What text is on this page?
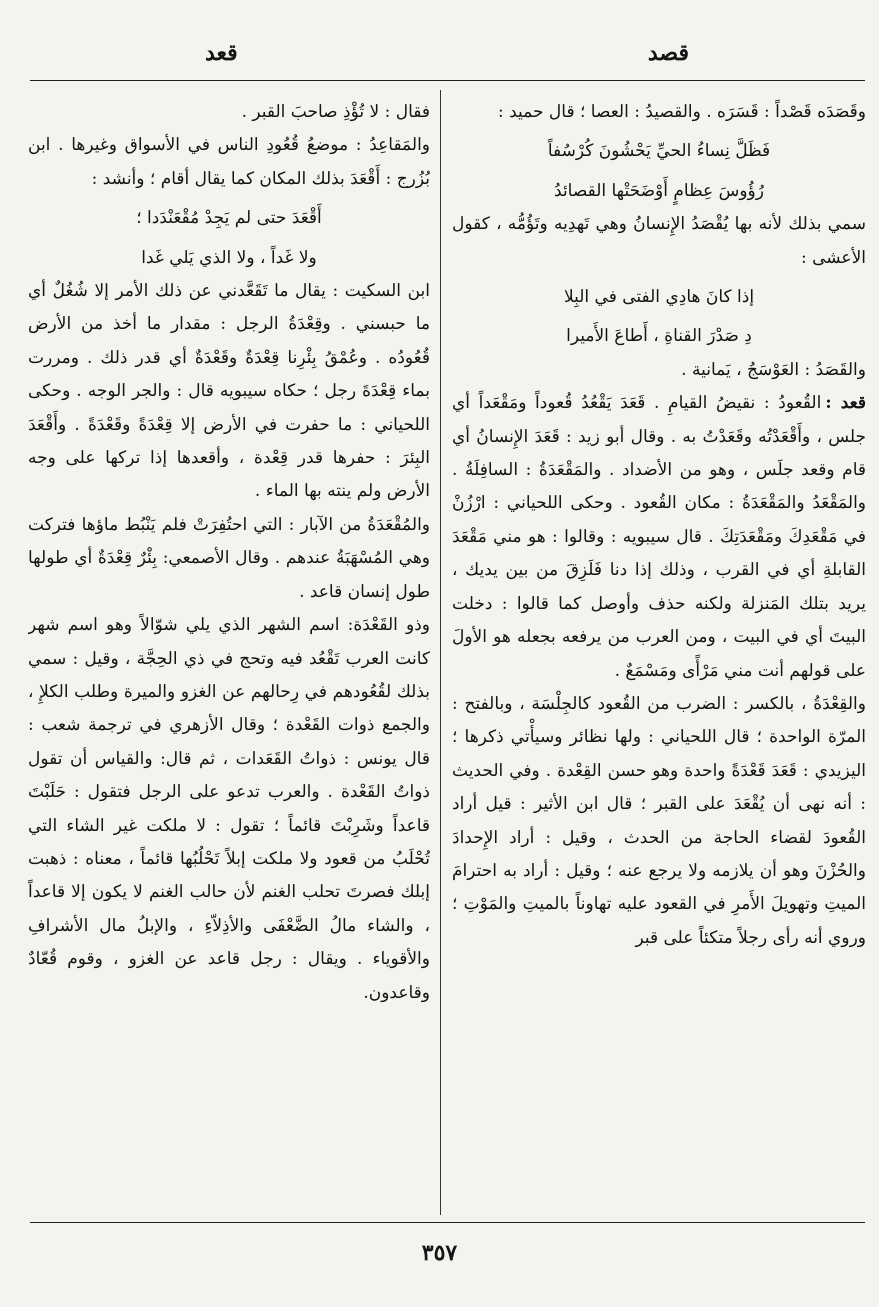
قصد
قعد

وقَصَدَه قَصْداً : قَسَرَه . والقصيدُ : العصا ؛ قال حميد :

فَظَلَّ نِساءُ الحيِّ يَحْشُونَ كُرْسُفاً

رُؤُوسَ عِظامٍ أَوْضَحَتْها القصائدُ

سمي بذلك لأنه بها يُقْصَدُ الإِنسانُ وهي تَهدِيه وتَؤُمُّه ، كقول الأعشى :

إذا كانَ هادِي الفتى في البِلا

دِ صَدْرَ القناةِ ، أَطاعَ الأَميرا

والقَصَدُ : العَوْسَجُ ، يَمانية .

قعد :القُعودُ : نقيضُ القيامِ . قَعَدَ يَقْعُدُ قُعوداً ومَقْعَداً أي جلس ، وأَقْعَدْتُه وقَعَدْتُ به . وقال أبو زيد : قَعَدَ الإِنسانُ أي قام وقعد جلَس ، وهو من الأضداد . والمَقْعَدَةُ : السافِلَةُ . والمَقْعَدُ والمَقْعَدَةُ : مكان القُعود . وحكى اللحياني : ارْزُنْ في مَقْعَدِكَ ومَقْعَدَتِكَ . قال سيبويه : وقالوا : هو مني مَقْعَدَ القابلةِ أي في القرب ، وذلك إذا دنا فَلَزِقَ من بين يديك ، يريد بتلك المَنزلة ولكنه حذف وأوصل كما قالوا : دخلت البيتَ أي في البيت ، ومن العرب من يرفعه بجعله هو الأولَ على قولهم أنت مني مَرْأًى ومَسْمَعٌ .

والقِعْدَةُ ، بالكسر : الضرب من القُعود كالجِلْسَة ، وبالفتح : المرّة الواحدة ؛ قال اللحياني : ولها نظائر وسيأْتي ذكرها ؛ اليزيدي : قَعَدَ قَعْدَةً واحدة وهو حسن القِعْدة . وفي الحديث : أنه نهى أن يُقْعَدَ على القبر ؛ قال ابن الأثير : قيل أراد القُعودَ لقضاء الحاجة من الحدث ، وقيل : أراد الإِحدادَ والحُزْنَ وهو أن يلازمه ولا يرجع عنه ؛ وقيل : أراد به احترامَ الميتِ وتهويلَ الأَمرِ في القعود عليه تهاوناً بالميتِ والمَوْتِ ؛ وروي أنه رأى رجلاً متكئاً على قبر

فقال : لا تُؤْذِ صاحبَ القبر .

والمَقاعِدُ : موضعُ قُعُودِ الناس في الأسواق وغيرها . ابن بُزُرج : أَقْعَدَ بذلك المكان كما يقال أقام ؛ وأنشد :

أَقْعَدَ حتى لم يَجِدْ مُقْعَنْدَدا ؛

ولا غَداً ، ولا الذي يَلي غَدا

ابن السكيت : يقال ما تَقَعَّدني عن ذلك الأمر إلا شُغُلٌ أي ما حبسني . وقِعْدَةُ الرجل : مقدار ما أخذ من الأرض قُعُودُه . وعُمْقُ بِئْرِنا قِعْدَةٌ وقَعْدَةٌ أي قدر ذلك . ومررت بماء قِعْدَةَ رجل ؛ حكاه سيبويه قال : والجر الوجه . وحكى اللحياني : ما حفرت في الأرض إلا قِعْدَةً وقَعْدَةً . وأَقْعَدَ البِئرَ : حفرها قدر قِعْدة ، وأقعدها إذا تركها على وجه الأرض ولم ينته بها الماء .

والمُقْعَدَةُ من الآبار : التي احتُفِرَتْ فلم يَنْبُط ماؤها فتركت وهي المُسْهَبَةُ عندهم . وقال الأصمعي: بِئْرٌ قِعْدَةٌ أي طولها طول إنسان قاعد .

وذو القَعْدَة: اسم الشهر الذي يلي شوّالاً وهو اسم شهر كانت العرب تَقْعُد فيه وتحج في ذي الحِجَّة ، وقيل : سمي بذلك لقُعُودهم في رِحالهم عن الغزو والميرة وطلب الكلإِ ، والجمع ذوات القَعْدة ؛ وقال الأزهري في ترجمة شعب : قال يونس : ذواتُ القَعَدات ، ثم قال: والقياس أن تقول ذواتُ القَعْدة . والعرب تدعو على الرجل فتقول : حَلَبْتَ قاعداً وشَرِبْتَ قائماً ؛ تقول : لا ملكت غير الشاء التي تُحْلَبُ من قعود ولا ملكت إبلاً تَحْلُبُها قائماً ، معناه : ذهبت إبلك فصرتَ تحلب الغنم لأن حالب الغنم لا يكون إلا قاعداً ، والشاء مالُ الضَّعْفَى والأذِلاّءِ ، والإبلُ مال الأشرافِ والأقوياء . ويقال : رجل قاعد عن الغزو ، وقوم قُعّادٌ وقاعدون.

٣٥٧
